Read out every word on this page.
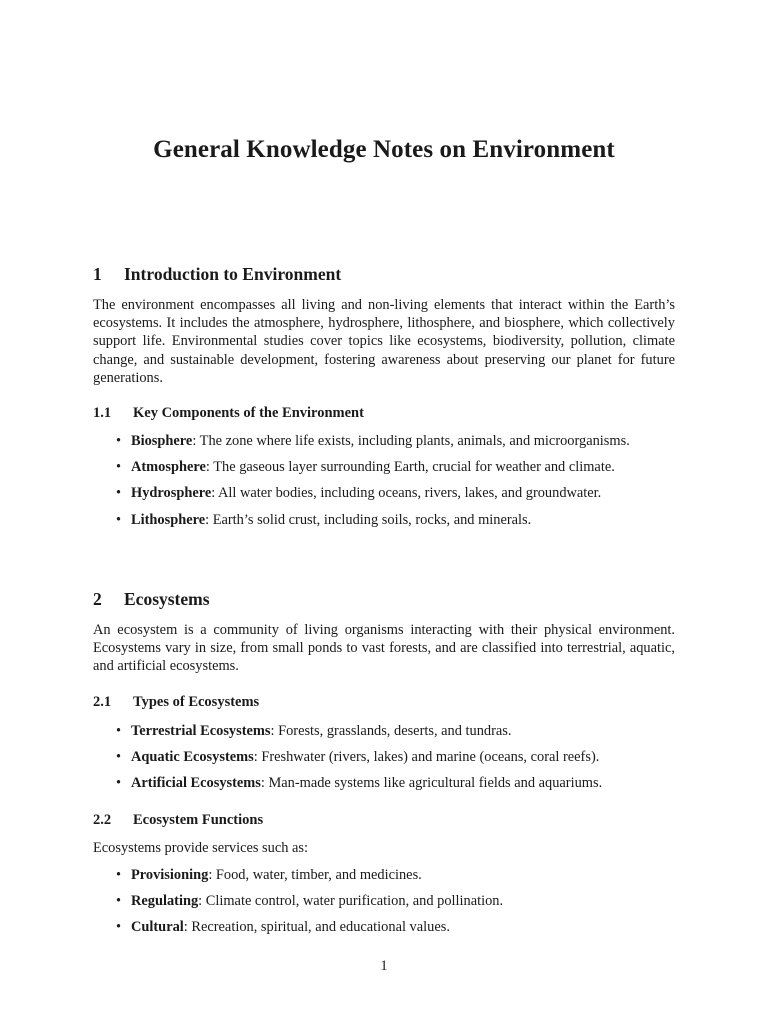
General Knowledge Notes on Environment
1 Introduction to Environment
The environment encompasses all living and non-living elements that interact within the Earth’s ecosystems. It includes the atmosphere, hydrosphere, lithosphere, and biosphere, which collectively support life. Environmental studies cover topics like ecosystems, biodiversity, pollution, climate change, and sustainable development, fostering awareness about preserving our planet for future generations.
1.1 Key Components of the Environment
• Biosphere: The zone where life exists, including plants, animals, and microorganisms.
• Atmosphere: The gaseous layer surrounding Earth, crucial for weather and climate.
• Hydrosphere: All water bodies, including oceans, rivers, lakes, and groundwater.
• Lithosphere: Earth’s solid crust, including soils, rocks, and minerals.
2 Ecosystems
An ecosystem is a community of living organisms interacting with their physical environment. Ecosystems vary in size, from small ponds to vast forests, and are classified into terrestrial, aquatic, and artificial ecosystems.
2.1 Types of Ecosystems
• Terrestrial Ecosystems: Forests, grasslands, deserts, and tundras.
• Aquatic Ecosystems: Freshwater (rivers, lakes) and marine (oceans, coral reefs).
• Artificial Ecosystems: Man-made systems like agricultural fields and aquariums.
2.2 Ecosystem Functions
Ecosystems provide services such as:
• Provisioning: Food, water, timber, and medicines.
• Regulating: Climate control, water purification, and pollination.
• Cultural: Recreation, spiritual, and educational values.
1
